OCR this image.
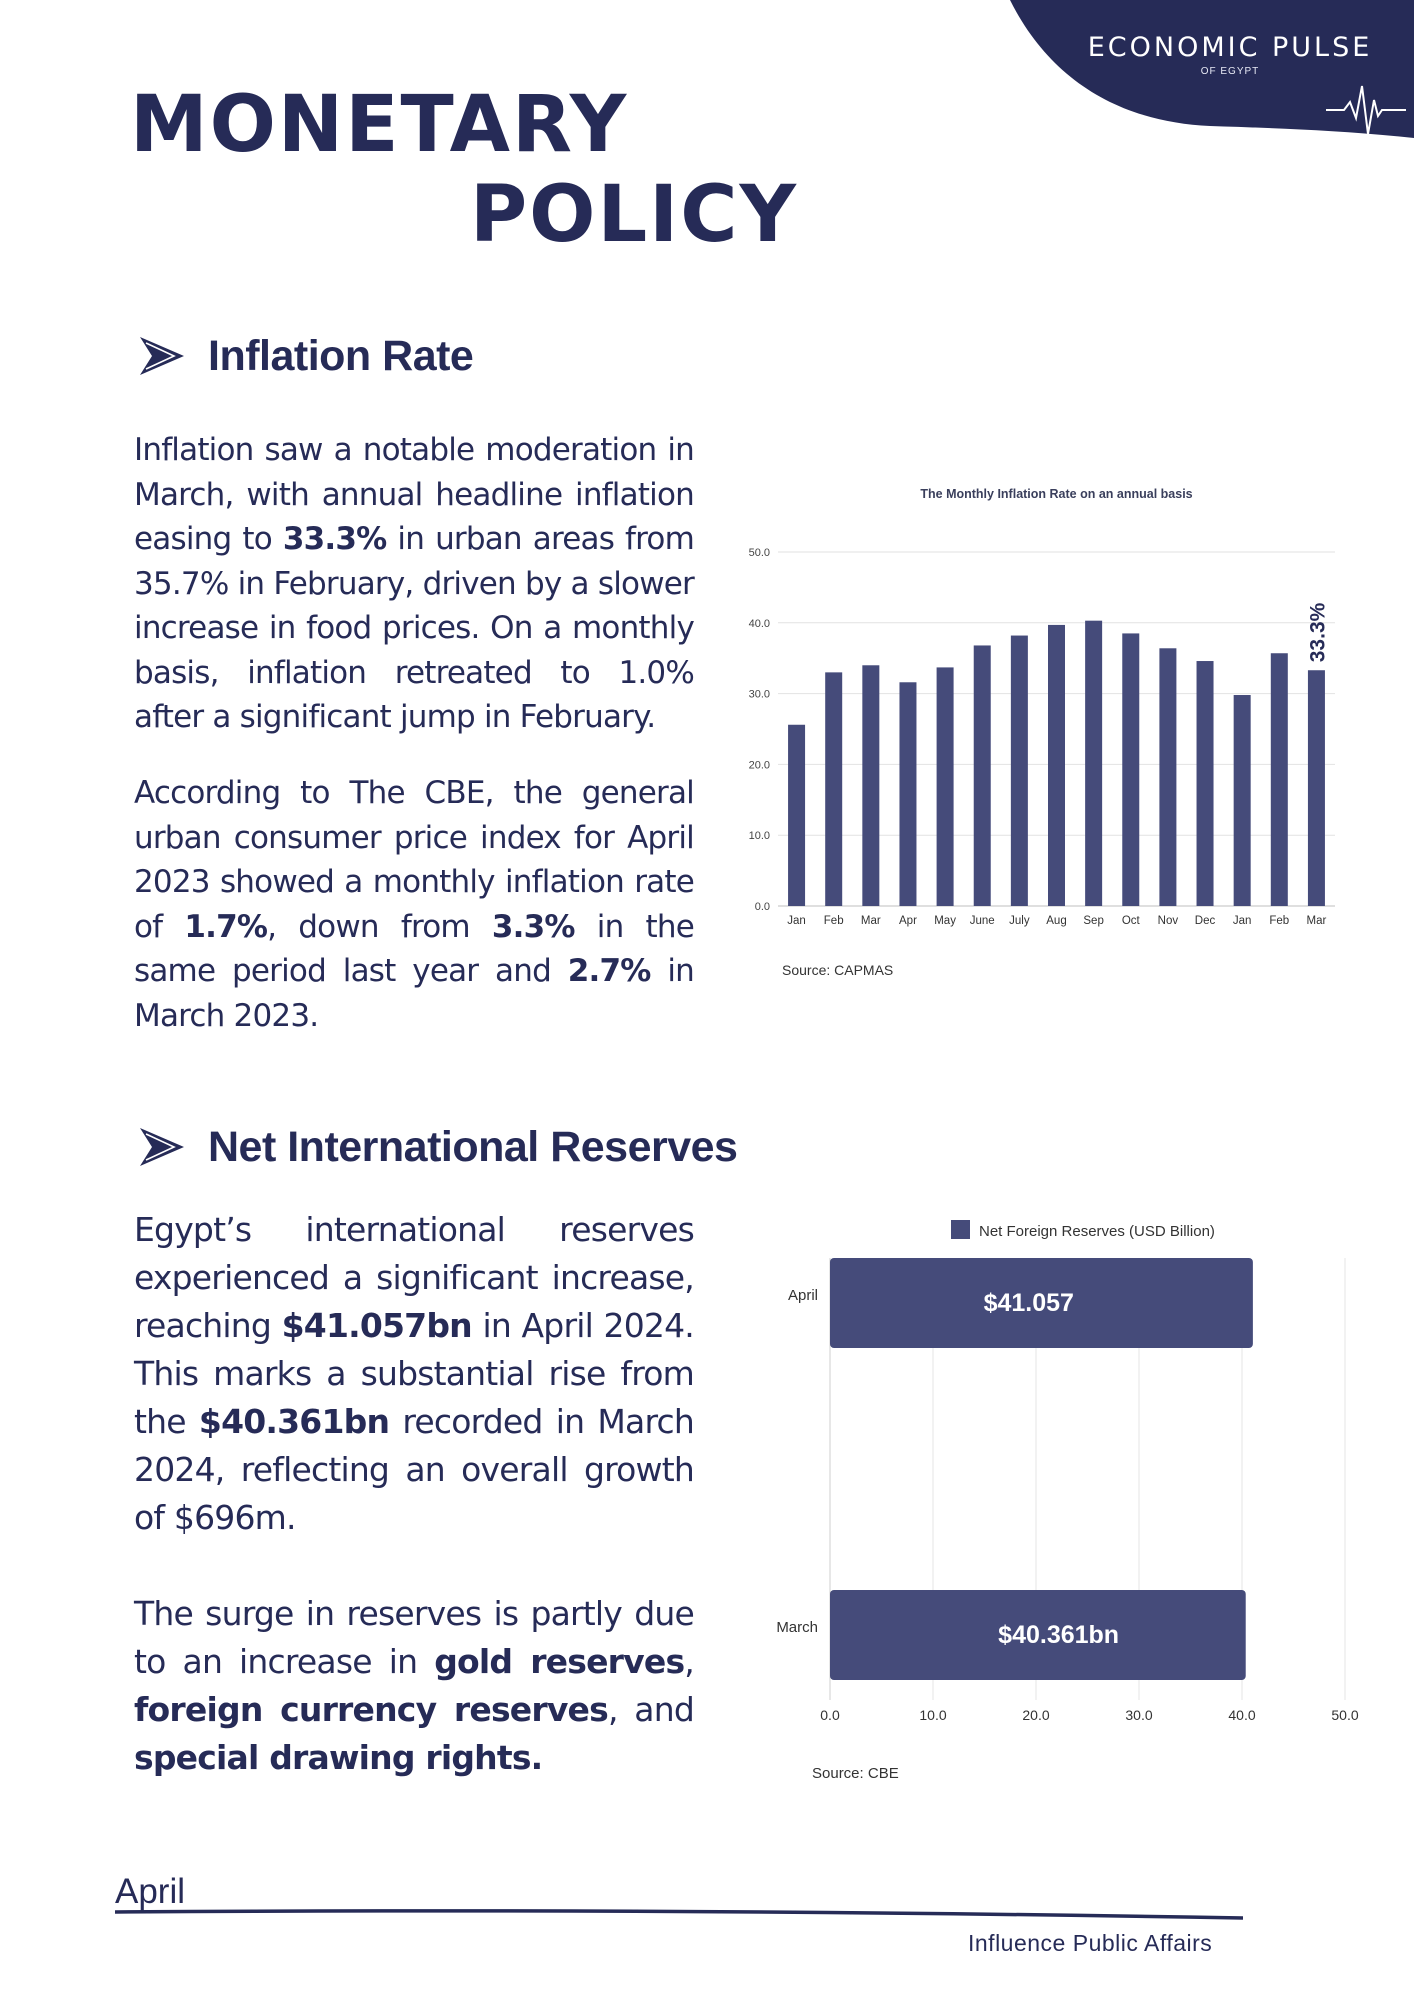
ECONOMIC PULSE
OF EGYPT
MONETARY
POLICY
Inflation Rate

Inflation saw a notable moderation in March, with annual headline inflation easing to 33.3% in urban areas from 35.7% in February, driven by a slower increase in food prices. On a monthly basis, inflation retreated to 1.0% after a significant jump in February.

According to The CBE, the general urban consumer price index for April 2023 showed a monthly inflation rate of 1.7%, down from 3.3% in the same period last year and 2.7% in March 2023.

The Monthly Inflation Rate on an annual basis
0.0
10.0
20.0
30.0
40.0
50.0
Jan Feb Mar Apr May June July Aug Sep Oct Nov Dec Jan Feb Mar
33.3%
Source: CAPMAS
Net International Reserves

Egypt’s international reserves experienced a significant increase, reaching $41.057bn in April 2024. This marks a substantial rise from the $40.361bn recorded in March 2024, reflecting an overall growth of $696m.

The surge in reserves is partly due to an increase in gold reserves, foreign currency reserves, and special drawing rights.

Net Foreign Reserves (USD Billion)
0.0	10.0	20.0	30.0	40.0	50.0
April	$41.057
March	$40.361bn
Source: CBE
April
Influence Public Affairs
